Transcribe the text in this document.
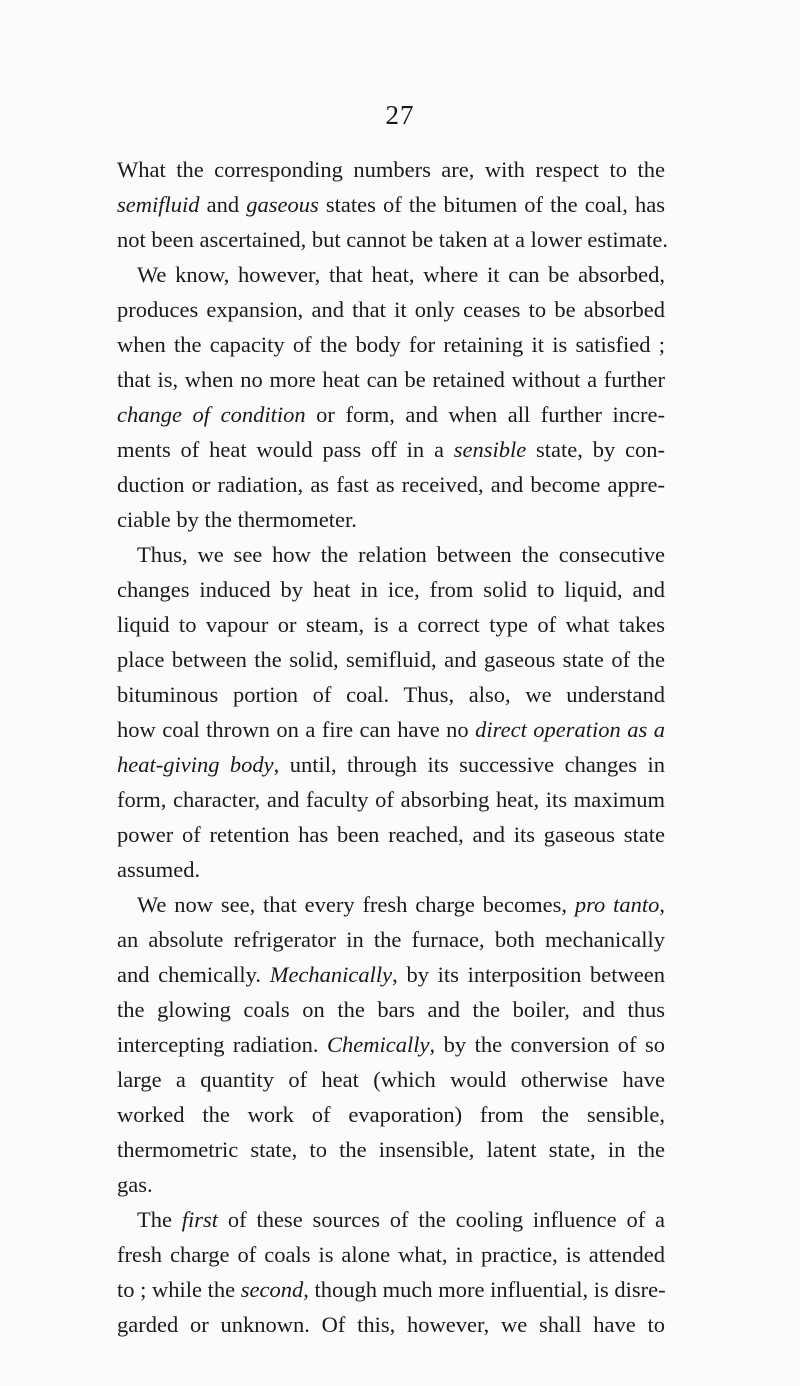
27
What the corresponding numbers are, with respect to the
semifluid and gaseous states of the bitumen of the coal, has
not been ascertained, but cannot be taken at a lower estimate.
We know, however, that heat, where it can be absorbed,
produces expansion, and that it only ceases to be absorbed
when the capacity of the body for retaining it is satisfied ;
that is, when no more heat can be retained without a further
change of condition or form, and when all further incre-
ments of heat would pass off in a sensible state, by con-
duction or radiation, as fast as received, and become appre-
ciable by the thermometer.
Thus, we see how the relation between the consecutive
changes induced by heat in ice, from solid to liquid, and
liquid to vapour or steam, is a correct type of what takes
place between the solid, semifluid, and gaseous state of the
bituminous portion of coal. Thus, also, we understand
how coal thrown on a fire can have no direct operation as a
heat-giving body, until, through its successive changes in
form, character, and faculty of absorbing heat, its maximum
power of retention has been reached, and its gaseous state
assumed.
We now see, that every fresh charge becomes, pro tanto,
an absolute refrigerator in the furnace, both mechanically
and chemically. Mechanically, by its interposition between
the glowing coals on the bars and the boiler, and thus
intercepting radiation. Chemically, by the conversion of so
large a quantity of heat (which would otherwise have
worked the work of evaporation) from the sensible,
thermometric state, to the insensible, latent state, in the
gas.
The first of these sources of the cooling influence of a
fresh charge of coals is alone what, in practice, is attended
to ; while the second, though much more influential, is disre-
garded or unknown. Of this, however, we shall have to
